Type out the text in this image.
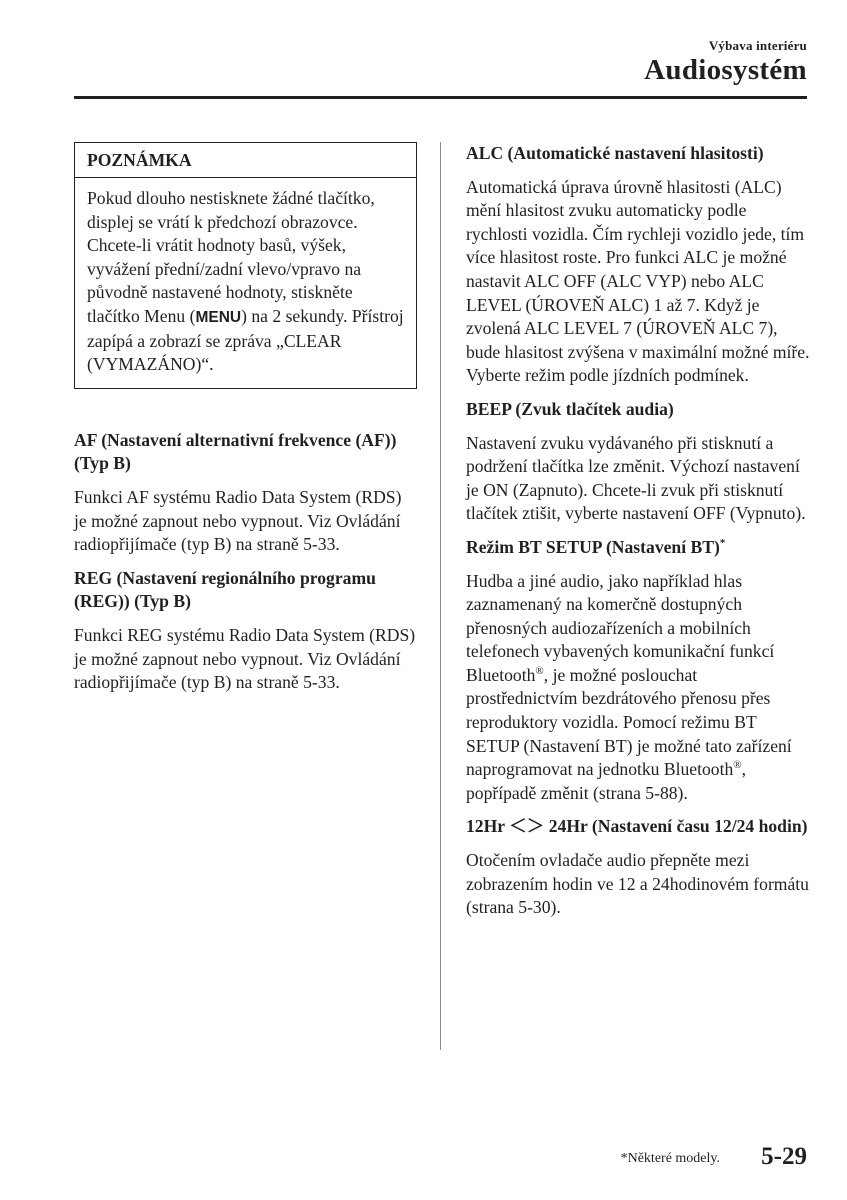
Výbava interiéru
Audiosystém
POZNÁMKA
Pokud dlouho nestisknete žádné tlačítko, displej se vrátí k předchozí obrazovce. Chcete-li vrátit hodnoty basů, výšek, vyvážení přední/zadní vlevo/vpravo na původně nastavené hodnoty, stiskněte tlačítko Menu (MENU) na 2 sekundy. Přístroj zapípá a zobrazí se zpráva „CLEAR (VYMAZÁNO)“.

AF (Nastavení alternativní frekvence (AF)) (Typ B)

Funkci AF systému Radio Data System (RDS) je možné zapnout nebo vypnout. Viz Ovládání radiopřijímače (typ B) na straně 5-33.

REG (Nastavení regionálního programu (REG)) (Typ B)

Funkci REG systému Radio Data System (RDS) je možné zapnout nebo vypnout. Viz Ovládání radiopřijímače (typ B) na straně 5-33.

ALC (Automatické nastavení hlasitosti)

Automatická úprava úrovně hlasitosti (ALC) mění hlasitost zvuku automaticky podle rychlosti vozidla. Čím rychleji vozidlo jede, tím více hlasitost roste. Pro funkci ALC je možné nastavit ALC OFF (ALC VYP) nebo ALC LEVEL (ÚROVEŇ ALC) 1 až 7. Když je zvolená ALC LEVEL 7 (ÚROVEŇ ALC 7), bude hlasitost zvýšena v maximální možné míře. Vyberte režim podle jízdních podmínek.

BEEP (Zvuk tlačítek audia)

Nastavení zvuku vydávaného při stisknutí a podržení tlačítka lze změnit. Výchozí nastavení je ON (Zapnuto). Chcete-li zvuk při stisknutí tlačítek ztišit, vyberte nastavení OFF (Vypnuto).

Režim BT SETUP (Nastavení BT)*

Hudba a jiné audio, jako například hlas zaznamenaný na komerčně dostupných přenosných audiozařízeních a mobilních telefonech vybavených komunikační funkcí Bluetooth®, je možné poslouchat prostřednictvím bezdrátového přenosu přes reproduktory vozidla. Pomocí režimu BT SETUP (Nastavení BT) je možné tato zařízení naprogramovat na jednotku Bluetooth®, popřípadě změnit (strana 5-88).

12Hr ＜＞ 24Hr (Nastavení času 12/24 hodin)

Otočením ovladače audio přepněte mezi zobrazením hodin ve 12 a 24hodinovém formátu (strana 5-30).

*Některé modely. 5-29
